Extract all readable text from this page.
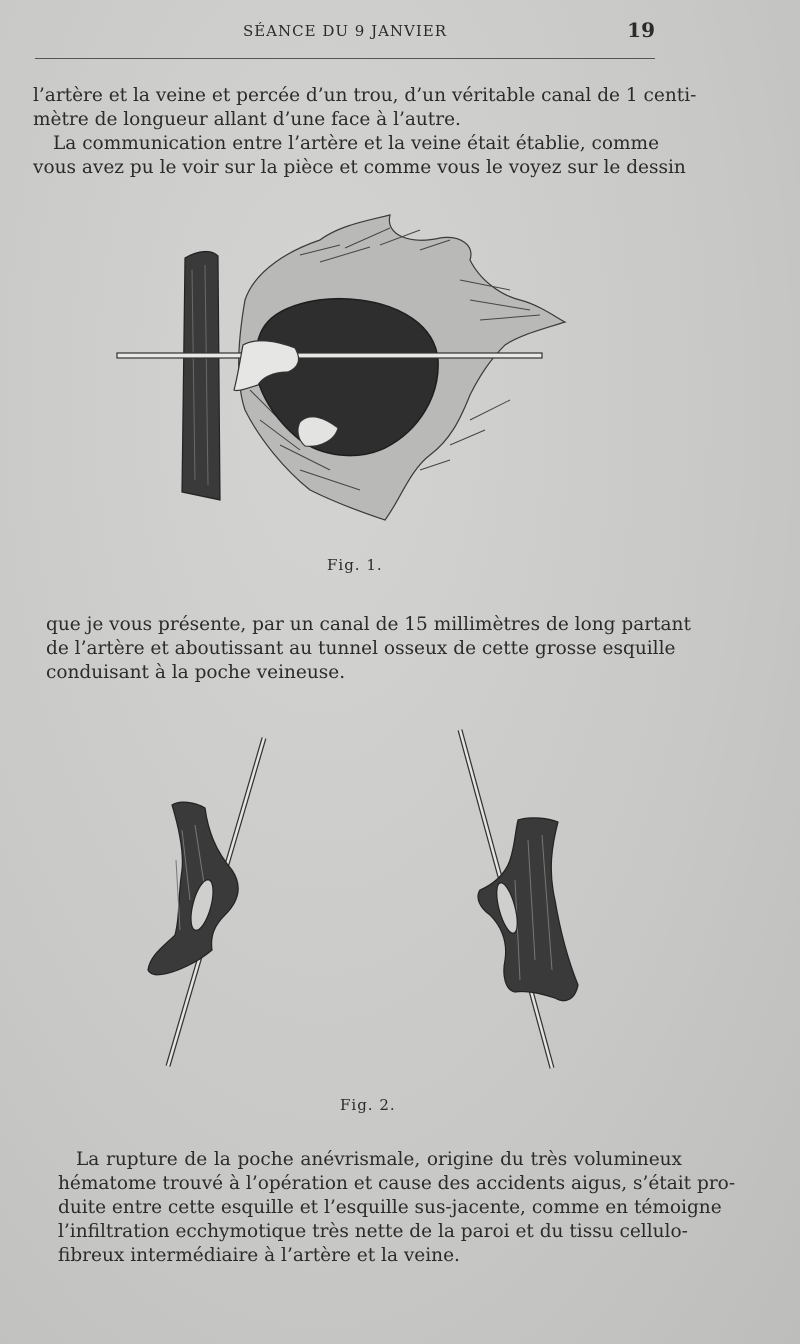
SÉANCE DU 9 JANVIER	19
l’artère et la veine et percée d’un trou, d’un véritable canal de 1 centi-
mètre de longueur allant d’une face à l’autre.
La communication entre l’artère et la veine était établie, comme
vous avez pu le voir sur la pièce et comme vous le voyez sur le dessin
Fig. 1.
que je vous présente, par un canal de 15 millimètres de long partant
de l’artère et aboutissant au tunnel osseux de cette grosse esquille
conduisant à la poche veineuse.
Fig. 2.
La rupture de la poche anévrismale, origine du très volumineux
hématome trouvé à l’opération et cause des accidents aigus, s’était pro-
duite entre cette esquille et l’esquille sus-jacente, comme en témoigne
l’infiltration ecchymotique très nette de la paroi et du tissu cellulo-
fibreux intermédiaire à l’artère et la veine.
